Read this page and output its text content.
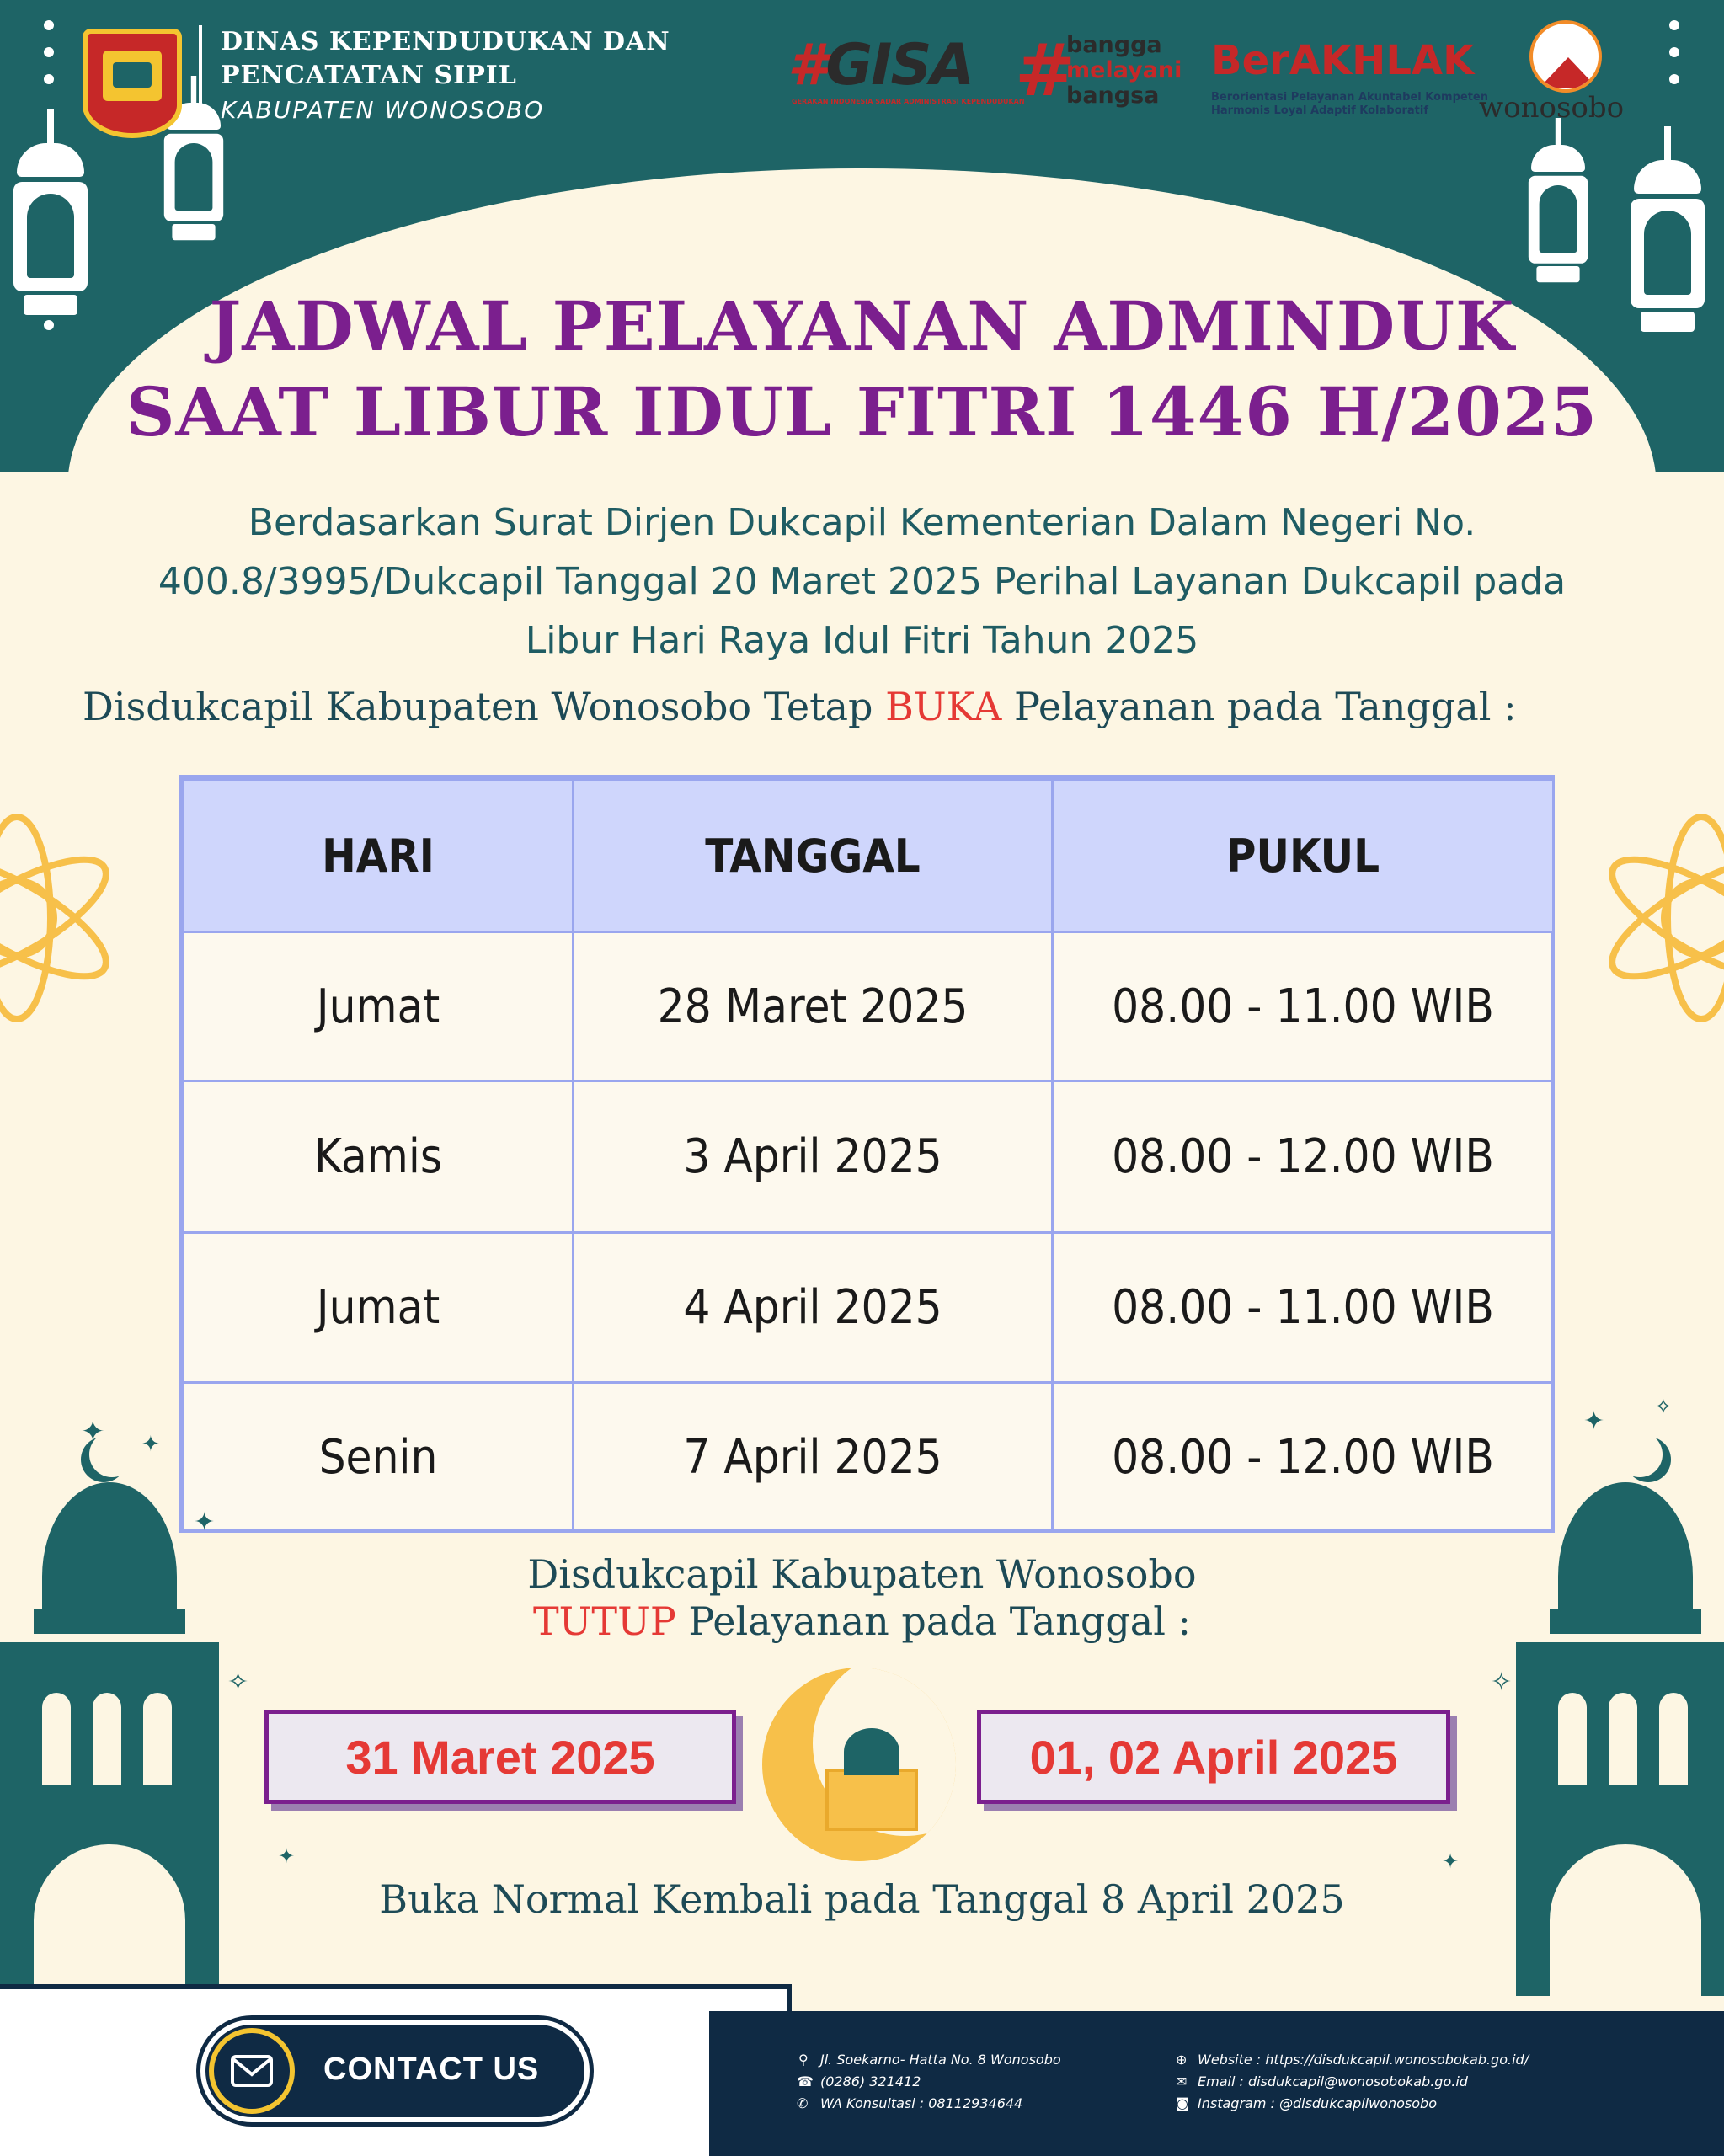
DINAS KEPENDUDUKAN DAN
PENCATATAN SIPIL
KABUPATEN WONOSOBO
#GISA
GERAKAN INDONESIA SADAR ADMINISTRASI KEPENDUDUKAN
#
bangga
melayani
bangsa
BerAKHLAK
Berorientasi Pelayanan Akuntabel Kompeten
Harmonis Loyal Adaptif Kolaboratif	wonosobo
JADWAL PELAYANAN ADMINDUK
SAAT LIBUR IDUL FITRI 1446 H/2025
Berdasarkan Surat Dirjen Dukcapil Kementerian Dalam Negeri No.
400.8/3995/Dukcapil Tanggal 20 Maret 2025 Perihal Layanan Dukcapil pada
Libur Hari Raya Idul Fitri Tahun 2025
Disdukcapil Kabupaten Wonosobo Tetap BUKA Pelayanan pada Tanggal :
HARI	TANGGAL	PUKUL
Jumat	28 Maret 2025	08.00 - 11.00 WIB
Kamis	3 April 2025	08.00 - 12.00 WIB
Jumat	4 April 2025	08.00 - 11.00 WIB
Senin	7 April 2025	08.00 - 12.00 WIB
✦ ✦
✦
✦ ✧
✧
✧
✦	✦
Disdukcapil Kabupaten Wonosobo
TUTUP Pelayanan pada Tanggal :
31 Maret 2025	01, 02 April 2025
Buka Normal Kembali pada Tanggal 8 April 2025
CONTACT US	⚲ Jl. Soekarno- Hatta No. 8 Wonosobo
☎ (0286) 321412
✆ WA Konsultasi : 08112934644
⊕ Website : https://disdukcapil.wonosobokab.go.id/
✉ Email : disdukcapil@wonosobokab.go.id
◙ Instagram : @disdukcapilwonosobo
